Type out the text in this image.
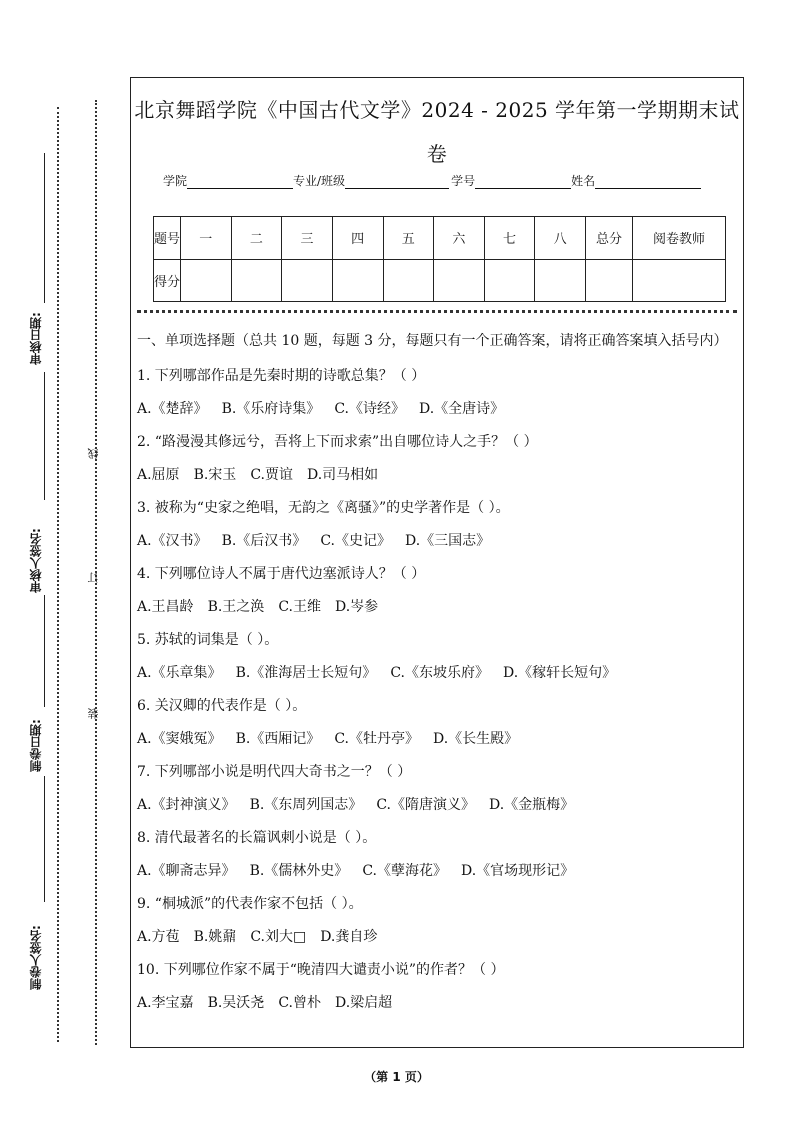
审核日期:
审核人签名:
制卷日期:
制卷人签名:
线
订
装
北京舞蹈学院《中国古代文学》2024 - 2025 学年第一学期期末试
卷
学院	专业/班级	学号	姓名
题号	一	二	三	四	五	六	七	八	总分	阅卷教师
得分										
一、单项选择题（总共 10 题，每题 3 分，每题只有一个正确答案，请将正确答案填入括号内）
1. 下列哪部作品是先秦时期的诗歌总集？（ ）
A.《楚辞》 B.《乐府诗集》 C.《诗经》 D.《全唐诗》
2. “路漫漫其修远兮，吾将上下而求索”出自哪位诗人之手？（ ）
A.屈原 B.宋玉 C.贾谊 D.司马相如
3. 被称为“史家之绝唱，无韵之《离骚》”的史学著作是（ ）。
A.《汉书》 B.《后汉书》 C.《史记》 D.《三国志》
4. 下列哪位诗人不属于唐代边塞派诗人？（ ）
A.王昌龄 B.王之涣 C.王维 D.岑参
5. 苏轼的词集是（ ）。
A.《乐章集》 B.《淮海居士长短句》 C.《东坡乐府》 D.《稼轩长短句》
6. 关汉卿的代表作是（ ）。
A.《窦娥冤》 B.《西厢记》 C.《牡丹亭》 D.《长生殿》
7. 下列哪部小说是明代四大奇书之一？（ ）
A.《封神演义》 B.《东周列国志》 C.《隋唐演义》 D.《金瓶梅》
8. 清代最著名的长篇讽刺小说是（ ）。
A.《聊斋志异》 B.《儒林外史》 C.《孽海花》 D.《官场现形记》
9. “桐城派”的代表作家不包括（ ）。
A.方苞 B.姚鼐 C.刘大□ D.龚自珍
10. 下列哪位作家不属于“晚清四大谴责小说”的作者？（ ）
A.李宝嘉 B.吴沃尧 C.曾朴 D.梁启超
（第 1 页）
